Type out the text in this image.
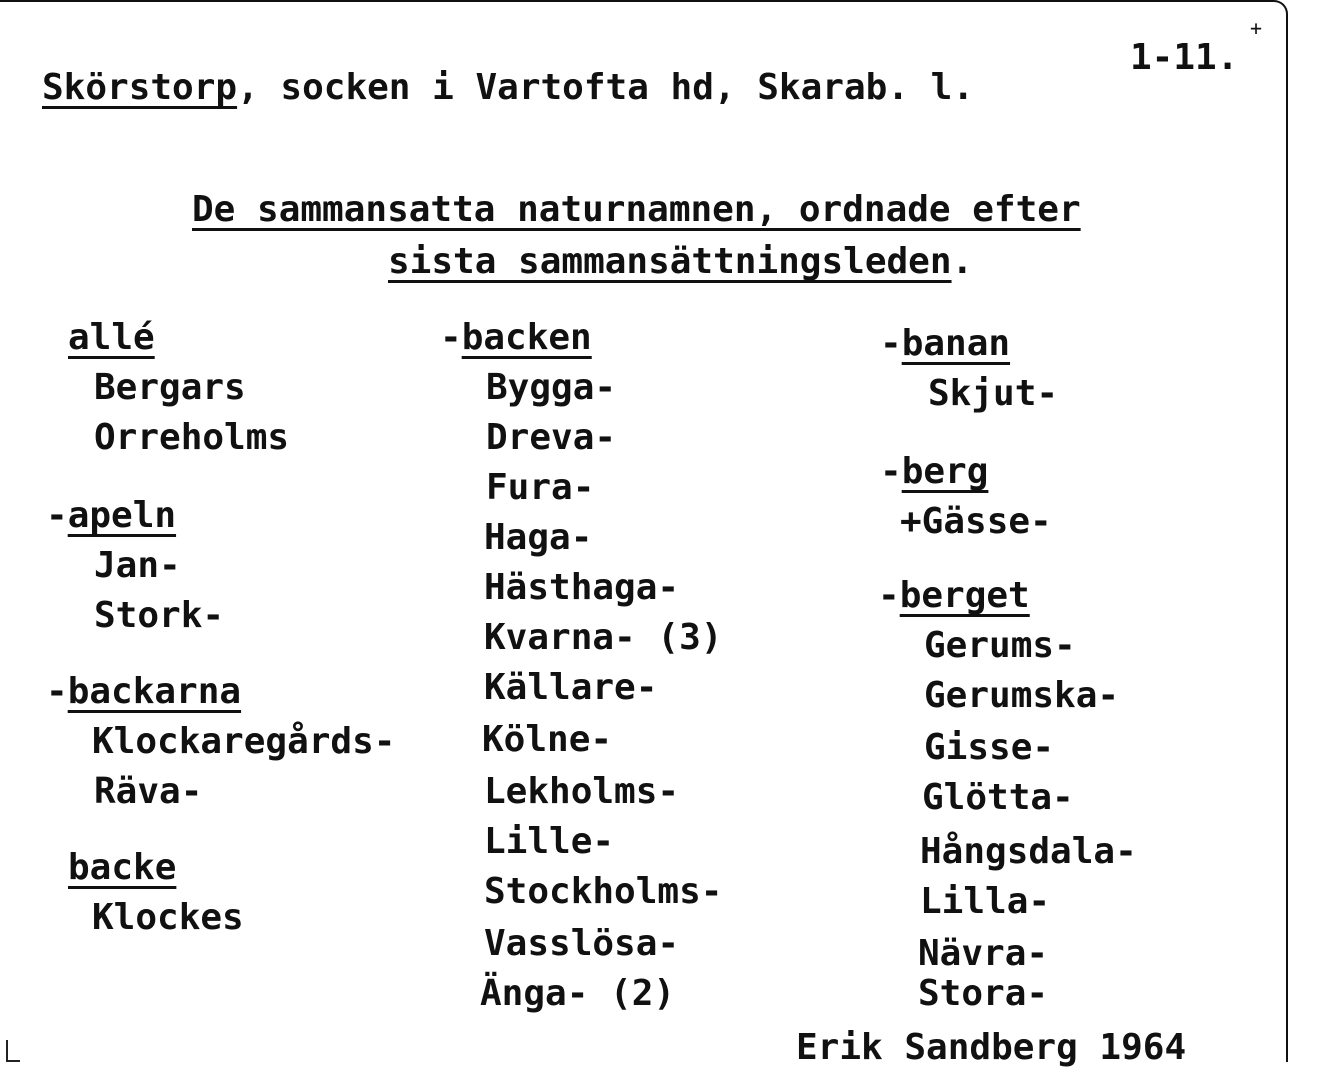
+
1-11.
Skörstorp, socken i Vartofta hd, Skarab. l.
De sammansatta naturnamnen, ordnade efter
sista sammansättningsleden.
allé
Bergars
Orreholms
-apeln
Jan-
Stork-
-backarna
Klockaregårds-
Räva-
backe
Klockes
-backen
Bygga-
Dreva-
Fura-
Haga-
Hästhaga-
Kvarna- (3)
Källare-
Kölne-
Lekholms-
Lille-
Stockholms-
Vasslösa-
Änga- (2)
-banan
Skjut-
-berg
+Gässe-
-berget
Gerums-
Gerumska-
Gisse-
Glötta-
Hångsdala-
Lilla-
Nävra-
Stora-
Erik Sandberg 1964
